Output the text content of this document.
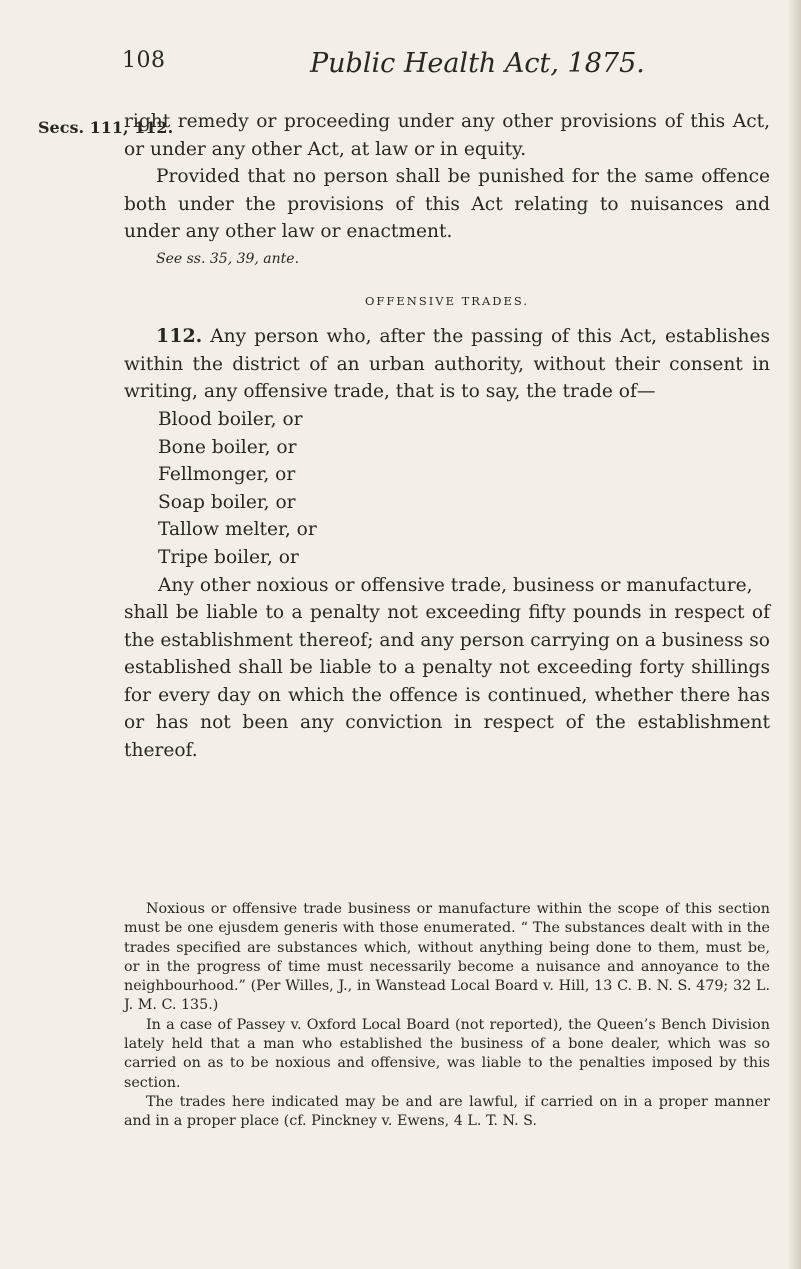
108	Public Health Act, 1875.
Secs. 111, 112.

right remedy or proceeding under any other provisions of this Act, or under any other Act, at law or in equity.

Provided that no person shall be punished for the same offence both under the provisions of this Act relating to nuisances and under any other law or enactment.

See ss. 35, 39, ante.

OFFENSIVE TRADES.

112. Any person who, after the passing of this Act, establishes within the district of an urban authority, without their consent in writing, any offensive trade, that is to say, the trade of—

Blood boiler, or
Bone boiler, or
Fellmonger, or
Soap boiler, or
Tallow melter, or
Tripe boiler, or
Any other noxious or offensive trade, business or manufacture,

shall be liable to a penalty not exceeding fifty pounds in respect of the establishment thereof; and any person carrying on a business so established shall be liable to a penalty not exceeding forty shillings for every day on which the offence is continued, whether there has or has not been any conviction in respect of the establishment thereof.

Noxious or offensive trade business or manufacture within the scope of this section must be one ejusdem generis with those enumerated. “ The substances dealt with in the trades specified are substances which, without anything being done to them, must be, or in the progress of time must necessarily become a nuisance and annoyance to the neighbourhood.” (Per Willes, J., in Wanstead Local Board v. Hill, 13 C. B. N. S. 479; 32 L. J. M. C. 135.)

In a case of Passey v. Oxford Local Board (not reported), the Queen’s Bench Division lately held that a man who established the business of a bone dealer, which was so carried on as to be noxious and offensive, was liable to the penalties imposed by this section.

The trades here indicated may be and are lawful, if carried on in a proper manner and in a proper place (cf. Pinckney v. Ewens, 4 L. T. N. S.
